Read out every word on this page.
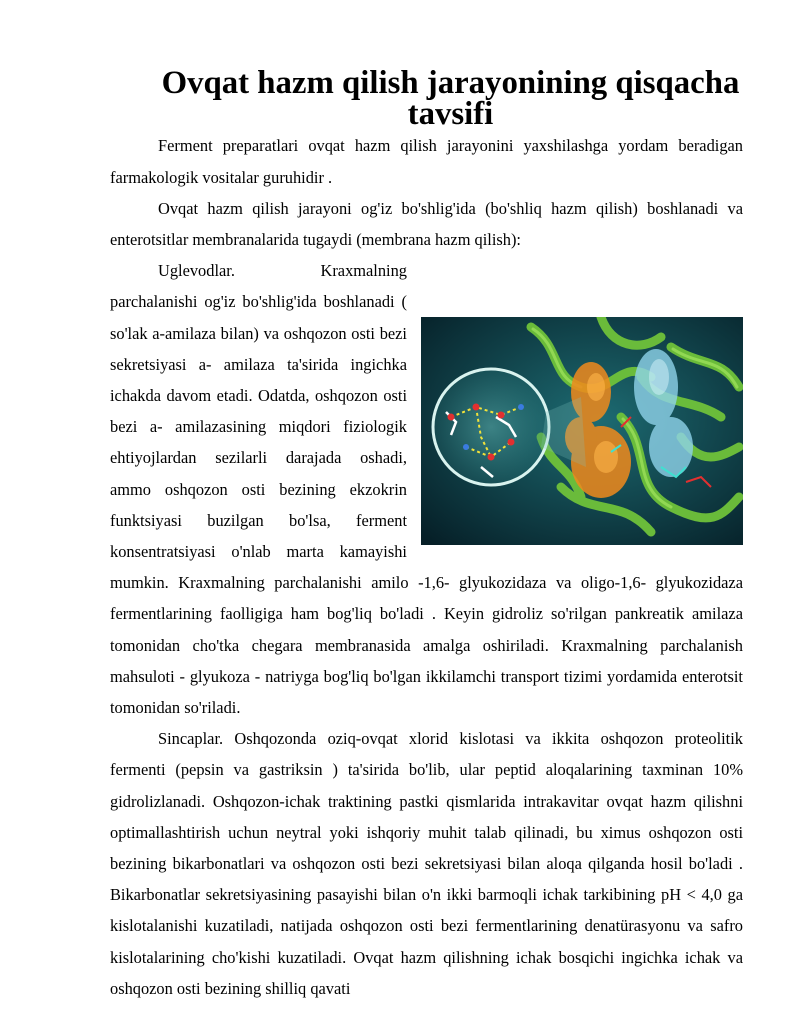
Ovqat hazm qilish jarayonining qisqacha tavsifi

Ferment preparatlari ovqat hazm qilish jarayonini yaxshilashga yordam beradigan farmakologik vositalar guruhidir .

Ovqat hazm qilish jarayoni og'iz bo'shlig'ida (bo'shliq hazm qilish) boshlanadi va enterotsitlar membranalarida tugaydi (membrana hazm qilish):

Uglevodlar. Kraxmalning parchalanishi og'iz bo'shlig'ida boshlanadi ( so'lak a-amilaza bilan) va oshqozon osti bezi sekretsiyasi a- amilaza ta'sirida ingichka ichakda davom etadi. Odatda, oshqozon osti bezi a- amilazasining miqdori fiziologik ehtiyojlardan sezilarli darajada oshadi, ammo oshqozon osti bezining ekzokrin funktsiyasi buzilgan bo'lsa, ferment konsentratsiyasi o'nlab marta kamayishi mumkin. Kraxmalning parchalanishi amilo -1,6- glyukozidaza va oligo-1,6- glyukozidaza fermentlarining faolligiga ham bog'liq bo'ladi . Keyin gidroliz so'rilgan pankreatik amilaza tomonidan cho'tka chegara membranasida amalga oshiriladi. Kraxmalning parchalanish mahsuloti - glyukoza - natriyga bog'liq bo'lgan ikkilamchi transport tizimi yordamida enterotsit tomonidan so'riladi.

Sincaplar. Oshqozonda oziq-ovqat xlorid kislotasi va ikkita oshqozon proteolitik fermenti (pepsin va gastriksin ) ta'sirida bo'lib, ular peptid aloqalarining taxminan 10% gidrolizlanadi. Oshqozon-ichak traktining pastki qismlarida intrakavitar ovqat hazm qilishni optimallashtirish uchun neytral yoki ishqoriy muhit talab qilinadi, bu ximus oshqozon osti bezining bikarbonatlari va oshqozon osti bezi sekretsiyasi bilan aloqa qilganda hosil bo'ladi . Bikarbonatlar sekretsiyasining pasayishi bilan o'n ikki barmoqli ichak tarkibining pH < 4,0 ga kislotalanishi kuzatiladi, natijada oshqozon osti bezi fermentlarining denatürasyonu va safro kislotalarining cho'kishi kuzatiladi. Ovqat hazm qilishning ichak bosqichi ingichka ichak va oshqozon osti bezining shilliq qavati
